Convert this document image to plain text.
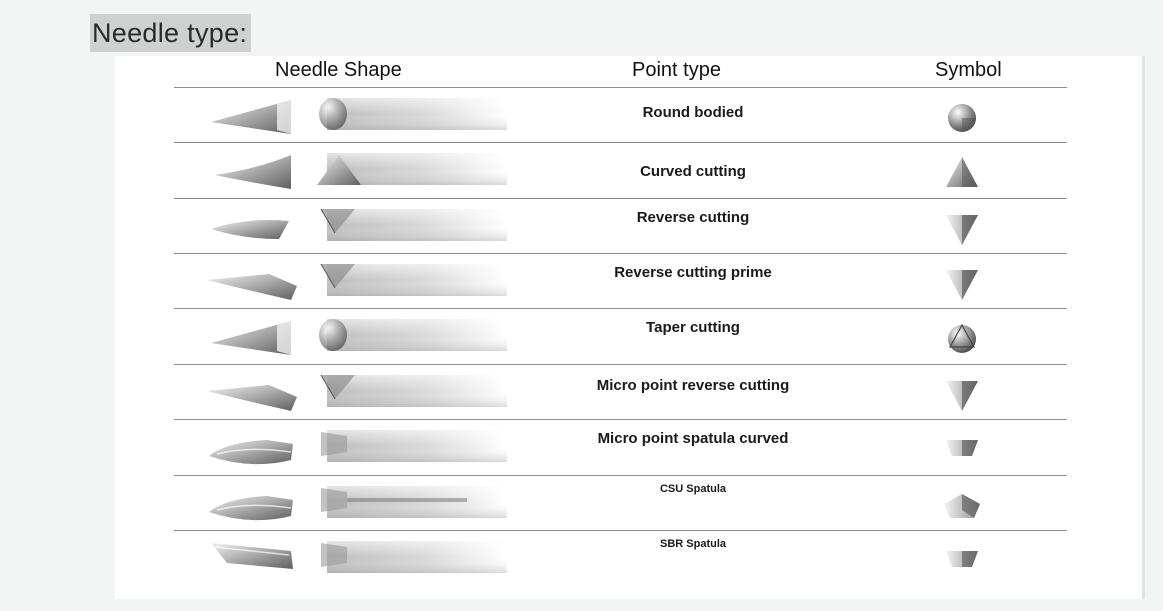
Needle type:
Needle Shape	Point type	Symbol
Round bodied
Curved cutting
Reverse cutting
Reverse cutting prime
Taper cutting
Micro point reverse cutting
Micro point spatula curved
CSU Spatula
SBR Spatula
